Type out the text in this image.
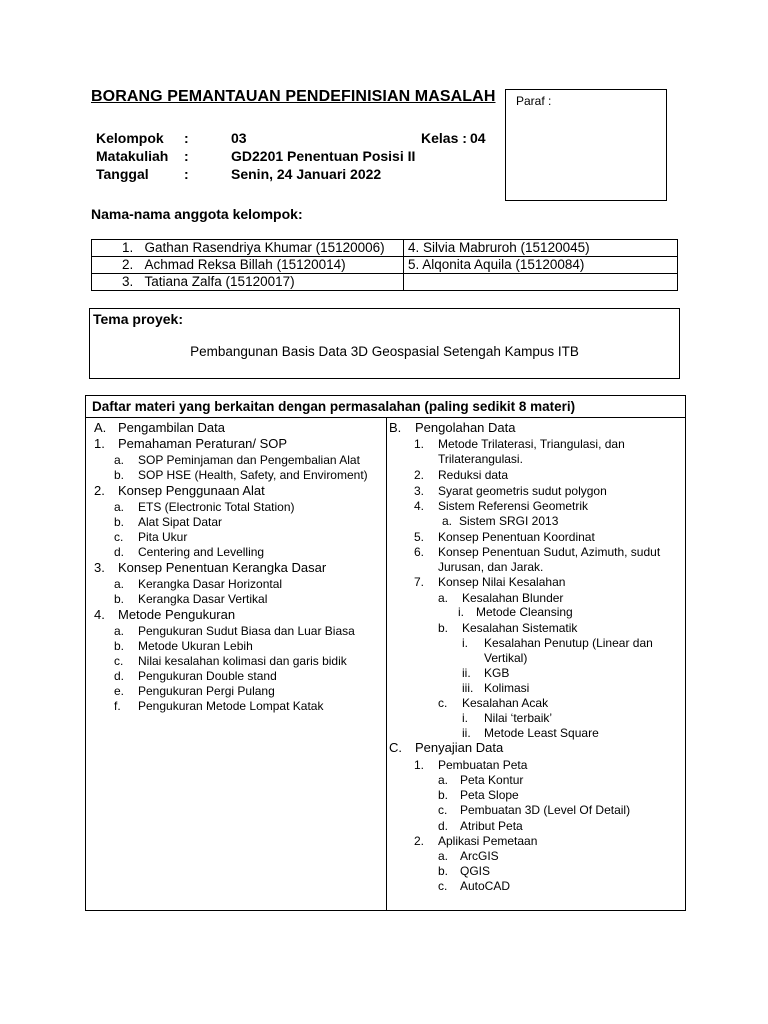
BORANG PEMANTAUAN PENDEFINISIAN MASALAH Paraf :
Kelompok :	03	Kelas : 04
Matakuliah :	GD2201 Penentuan Posisi II
Tanggal	:	Senin, 24 Januari 2022
Nama-nama anggota kelompok:
1.   Gathan Rasendriya Khumar (15120006)	4. Silvia Mabruroh (15120045)
2.   Achmad Reksa Billah (15120014)	5. Alqonita Aquila (15120084)
3.   Tatiana Zalfa (15120017)	
Tema proyek:
Pembangunan Basis Data 3D Geospasial Setengah Kampus ITB
Daftar materi yang berkaitan dengan permasalahan (paling sedikit 8 materi)
A. Pengambilan Data
1. Pemahaman Peraturan/ SOP
a. SOP Peminjaman dan Pengembalian Alat
b. SOP HSE (Health, Safety, and Enviroment)
2. Konsep Penggunaan Alat
a. ETS (Electronic Total Station)
b. Alat Sipat Datar
c. Pita Ukur
d. Centering and Levelling
3. Konsep Penentuan Kerangka Dasar
a. Kerangka Dasar Horizontal
b. Kerangka Dasar Vertikal
4. Metode Pengukuran
a. Pengukuran Sudut Biasa dan Luar Biasa
b. Metode Ukuran Lebih
c. Nilai kesalahan kolimasi dan garis bidik
d. Pengukuran Double stand
e. Pengukuran Pergi Pulang
f. Pengukuran Metode Lompat Katak
B. Pengolahan Data
1. Metode Trilaterasi, Triangulasi, dan
Trilaterangulasi.
2. Reduksi data
3. Syarat geometris sudut polygon
4. Sistem Referensi Geometrik
a. Sistem SRGI 2013
5. Konsep Penentuan Koordinat
6. Konsep Penentuan Sudut, Azimuth, sudut
Jurusan, dan Jarak.
7. Konsep Nilai Kesalahan
a. Kesalahan Blunder
i. Metode Cleansing
b. Kesalahan Sistematik
i. Kesalahan Penutup (Linear dan
Vertikal)
ii. KGB
iii. Kolimasi
c. Kesalahan Acak
i. Nilai ‘terbaik’
ii. Metode Least Square
C. Penyajian Data
1. Pembuatan Peta
a. Peta Kontur
b. Peta Slope
c. Pembuatan 3D (Level Of Detail)
d. Atribut Peta
2. Aplikasi Pemetaan
a. ArcGIS
b. QGIS
c. AutoCAD
